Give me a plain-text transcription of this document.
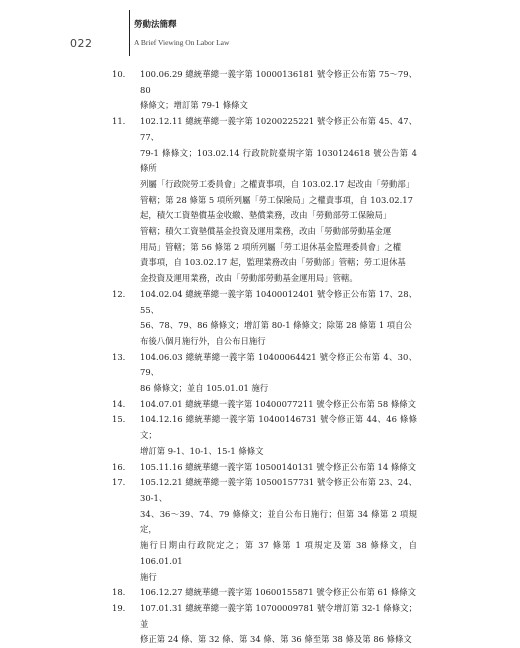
022
勞動法簡釋
A Brief Viewing On Labor Law
10.	100.06.29 總統華總一義字第 10000136181 號令修正公布第 75～79、80
條條文；增訂第 79-1 條條文
11.	102.12.11 總統華總一義字第 10200225221 號令修正公布第 45、47、77、
79-1 條條文；103.02.14 行政院院臺規字第 1030124618 號公告第 4 條所
列屬「行政院勞工委員會」之權責事項，自 103.02.17 起改由「勞動部」
管轄；第 28 條第 5 項所列屬「勞工保險局」之權責事項，自 103.02.17
起，積欠工資墊償基金收繳、墊償業務，改由「勞動部勞工保險局」
管轄；積欠工資墊償基金投資及運用業務，改由「勞動部勞動基金運
用局」管轄；第 56 條第 2 項所列屬「勞工退休基金監理委員會」之權
責事項，自 103.02.17 起，監理業務改由「勞動部」管轄；勞工退休基
金投資及運用業務，改由「勞動部勞動基金運用局」管轄。
12.	104.02.04 總統華總一義字第 10400012401 號令修正公布第 17、28、55、
56、78、79、86 條條文；增訂第 80-1 條條文；除第 28 條第 1 項自公
布後八個月施行外，自公布日施行
13.	104.06.03 總統華總一義字第 10400064421 號令修正公布第 4、30、79、
86 條條文；並自 105.01.01 施行
14.	104.07.01 總統華總一義字第 10400077211 號令修正公布第 58 條條文
15.	104.12.16 總統華總一義字第 10400146731 號令修正第 44、46 條條文；
增訂第 9-1、10-1、15-1 條條文
16.	105.11.16 總統華總一義字第 10500140131 號令修正公布第 14 條條文
17.	105.12.21 總統華總一義字第 10500157731 號令修正公布第 23、24、30-1、
34、36～39、74、79 條條文；並自公布日施行；但第 34 條第 2 項規定，
施行日期由行政院定之；第 37 條第 1 項規定及第 38 條條文，自 106.01.01
施行
18.	106.12.27 總統華總一義字第 10600155871 號令修正公布第 61 條條文
19.	107.01.31 總統華總一義字第 10700009781 號令增訂第 32-1 條條文；並
修正第 24 條、第 32 條、第 34 條、第 36 條至第 38 條及第 86 條條文
